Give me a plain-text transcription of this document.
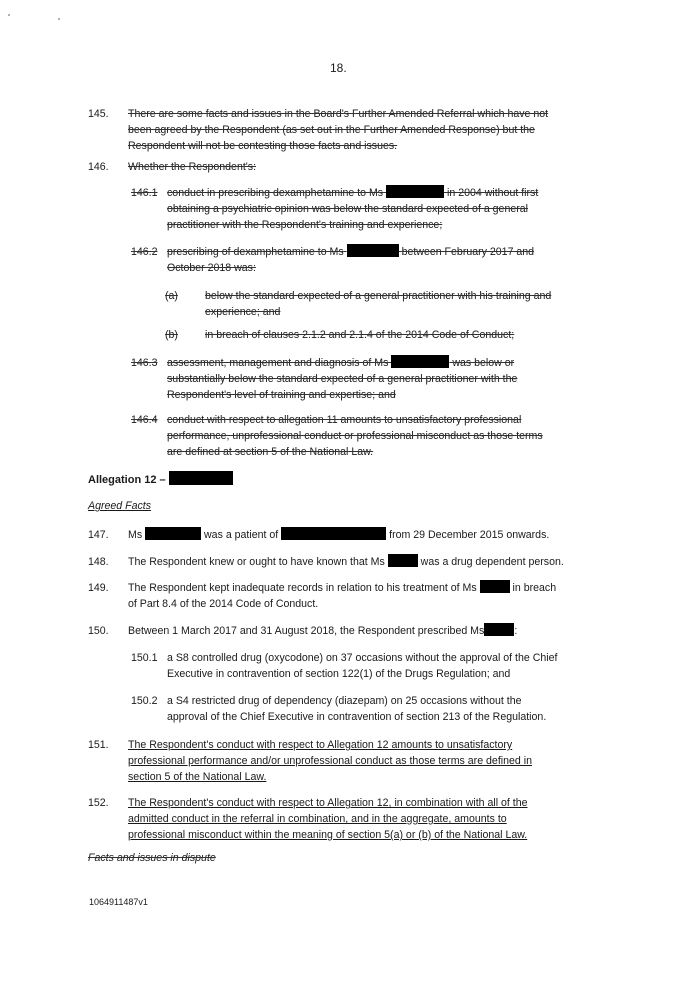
18.
145. There are some facts and issues in the Board's Further Amended Referral which have not been agreed by the Respondent (as set out in the Further Amended Response) but the Respondent will not be contesting those facts and issues.
146. Whether the Respondent's:
146.1 conduct in prescribing dexamphetamine to Ms	in 2004 without first obtaining a psychiatric opinion was below the standard expected of a general practitioner with the Respondent's training and experience;
146.2 prescribing of dexamphetamine to Ms	between February 2017 and October 2018 was:
(a)	below the standard expected of a general practitioner with his training and experience; and
(b)	in breach of clauses 2.1.2 and 2.1.4 of the 2014 Code of Conduct;
146.3 assessment, management and diagnosis of Ms	was below or substantially below the standard expected of a general practitioner with the Respondent's level of training and expertise; and
146.4 conduct with respect to allegation 11 amounts to unsatisfactory professional performance, unprofessional conduct or professional misconduct as those terms are defined at section 5 of the National Law.
Allegation 12 –
Agreed Facts
147. Ms	was a patient of	from 29 December 2015 onwards.
148. The Respondent knew or ought to have known that Ms	was a drug dependent person.
149. The Respondent kept inadequate records in relation to his treatment of Ms	in breach of Part 8.4 of the 2014 Code of Conduct.
150. Between 1 March 2017 and 31 August 2018, the Respondent prescribed Ms	:
150.1 a S8 controlled drug (oxycodone) on 37 occasions without the approval of the Chief Executive in contravention of section 122(1) of the Drugs Regulation; and
150.2 a S4 restricted drug of dependency (diazepam) on 25 occasions without the approval of the Chief Executive in contravention of section 213 of the Regulation.
151. The Respondent's conduct with respect to Allegation 12 amounts to unsatisfactory professional performance and/or unprofessional conduct as those terms are defined in section 5 of the National Law.
152. The Respondent's conduct with respect to Allegation 12, in combination with all of the admitted conduct in the referral in combination, and in the aggregate, amounts to professional misconduct within the meaning of section 5(a) or (b) of the National Law.
Facts and issues in dispute
1064911487v1
